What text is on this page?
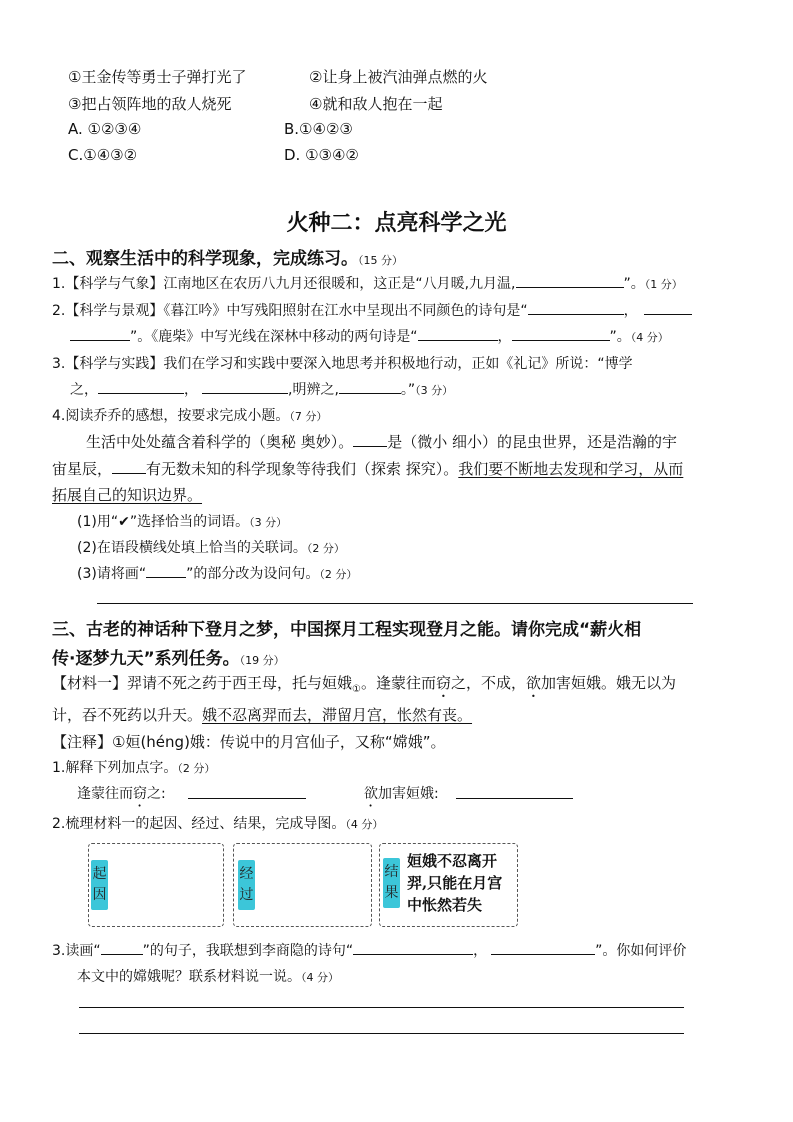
①王金传等勇士子弹打光了	②让身上被汽油弹点燃的火
③把占领阵地的敌人烧死	④就和敌人抱在一起
A. ①②③④	B.①④②③
C.①④③②	D. ①③④②
火种二：点亮科学之光
二、观察生活中的科学现象，完成练习。（15 分）
1.【科学与气象】江南地区在农历八九月还很暖和，这正是“八月暖,九月温,	”。（1 分）
2.【科学与景观】《暮江吟》中写残阳照射在江水中呈现出不同颜色的诗句是“	，
”。《鹿柴》中写光线在深林中移动的两句诗是“	，	”。（4 分）
3.【科学与实践】我们在学习和实践中要深入地思考并积极地行动，正如《礼记》所说：“博学
之，	，	,明辨之,	。”（3 分）
4.阅读乔乔的感想，按要求完成小题。（7 分）
生活中处处蕴含着科学的（奥秘 奥妙）。 是（微小 细小）的昆虫世界，还是浩瀚的宇
宙星辰， 有无数未知的科学现象等待我们（探索 探究）。我们要不断地去发现和学习，从而
拓展自己的知识边界。
(1)用“✔”选择恰当的词语。（3 分）
(2)在语段横线处填上恰当的关联词。（2 分）
(3)请将画“	”的部分改为设问句。（2 分）
三、古老的神话种下登月之梦，中国探月工程实现登月之能。请你完成“薪火相
传·逐梦九天”系列任务。（19 分）
【材料一】羿请不死之药于西王母，托与姮娥$_①$。逢蒙往而窃之，不成，欲加害姮娥。娥无以为
计，吞不死药以升天。娥不忍离羿而去，滞留月宫，怅然有丧。
【注释】①姮(héng)娥：传说中的月宫仙子，又称“嫦娥”。
1.解释下列加点字。（2 分）
逢蒙往而窃之:	欲加害姮娥:
2.梳理材料一的起因、经过、结果，完成导图。（4 分）
起因
经过
结果
姮娥不忍离开羿,只能在月宫中怅然若失
3.读画“	”的句子，我联想到李商隐的诗句“	，	”。你如何评价
本文中的嫦娥呢？联系材料说一说。（4 分）
